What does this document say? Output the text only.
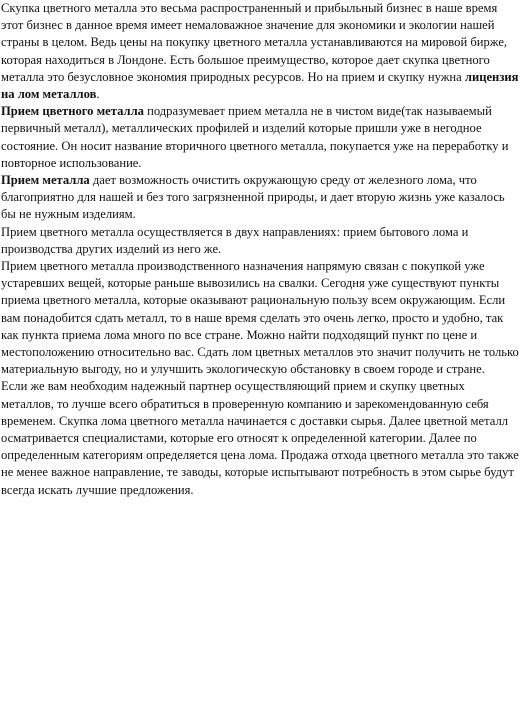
Скупка цветного металла это весьма распространенный и прибыльный бизнес в наше время этот бизнес в данное время имеет немаловажное значение для экономики и экологии нашей страны в целом. Ведь цены на покупку цветного металла устанавливаются на мировой бирже, которая находиться в Лондоне. Есть большое преимущество, которое дает скупка цветного металла это безусловное экономия природных ресурсов. Но на прием и скупку нужна лицензия на лом металлов.

Прием цветного металла подразумевает прием металла не в чистом виде(так называемый первичный металл), металлических профилей и изделий которые пришли уже в негодное состояние. Он носит название вторичного цветного металла, покупается уже на переработку и повторное использование.

Прием металла дает возможность очистить окружающую среду от железного лома, что благоприятно для нашей и без того загрязненной природы, и дает вторую жизнь уже казалось бы не нужным изделиям.

Прием цветного металла осуществляется в двух направлениях: прием бытового лома и производства других изделий из него же.

Прием цветного металла производственного назначения напрямую связан с покупкой уже устаревших вещей, которые раньше вывозились на свалки. Сегодня уже существуют пункты приема цветного металла, которые оказывают рациональную пользу всем окружающим. Если вам понадобится сдать металл, то в наше время сделать это очень легко, просто и удобно, так как пункта приема лома много по все стране. Можно найти подходящий пункт по цене и местоположению относительно вас. Сдать лом цветных металлов это значит получить не только материальную выгоду, но и улучшить экологическую обстановку в своем городе и стране.

Если же вам необходим надежный партнер осуществляющий прием и скупку цветных металлов, то лучше всего обратиться в проверенную компанию и зарекомендованную себя временем. Скупка лома цветного металла начинается с доставки сырья. Далее цветной металл осматривается специалистами, которые его относят к определенной категории. Далее по определенным категориям определяется цена лома. Продажа отхода цветного металла это также не менее важное направление, те заводы, которые испытывают потребность в этом сырье будут всегда искать лучшие предложения.
